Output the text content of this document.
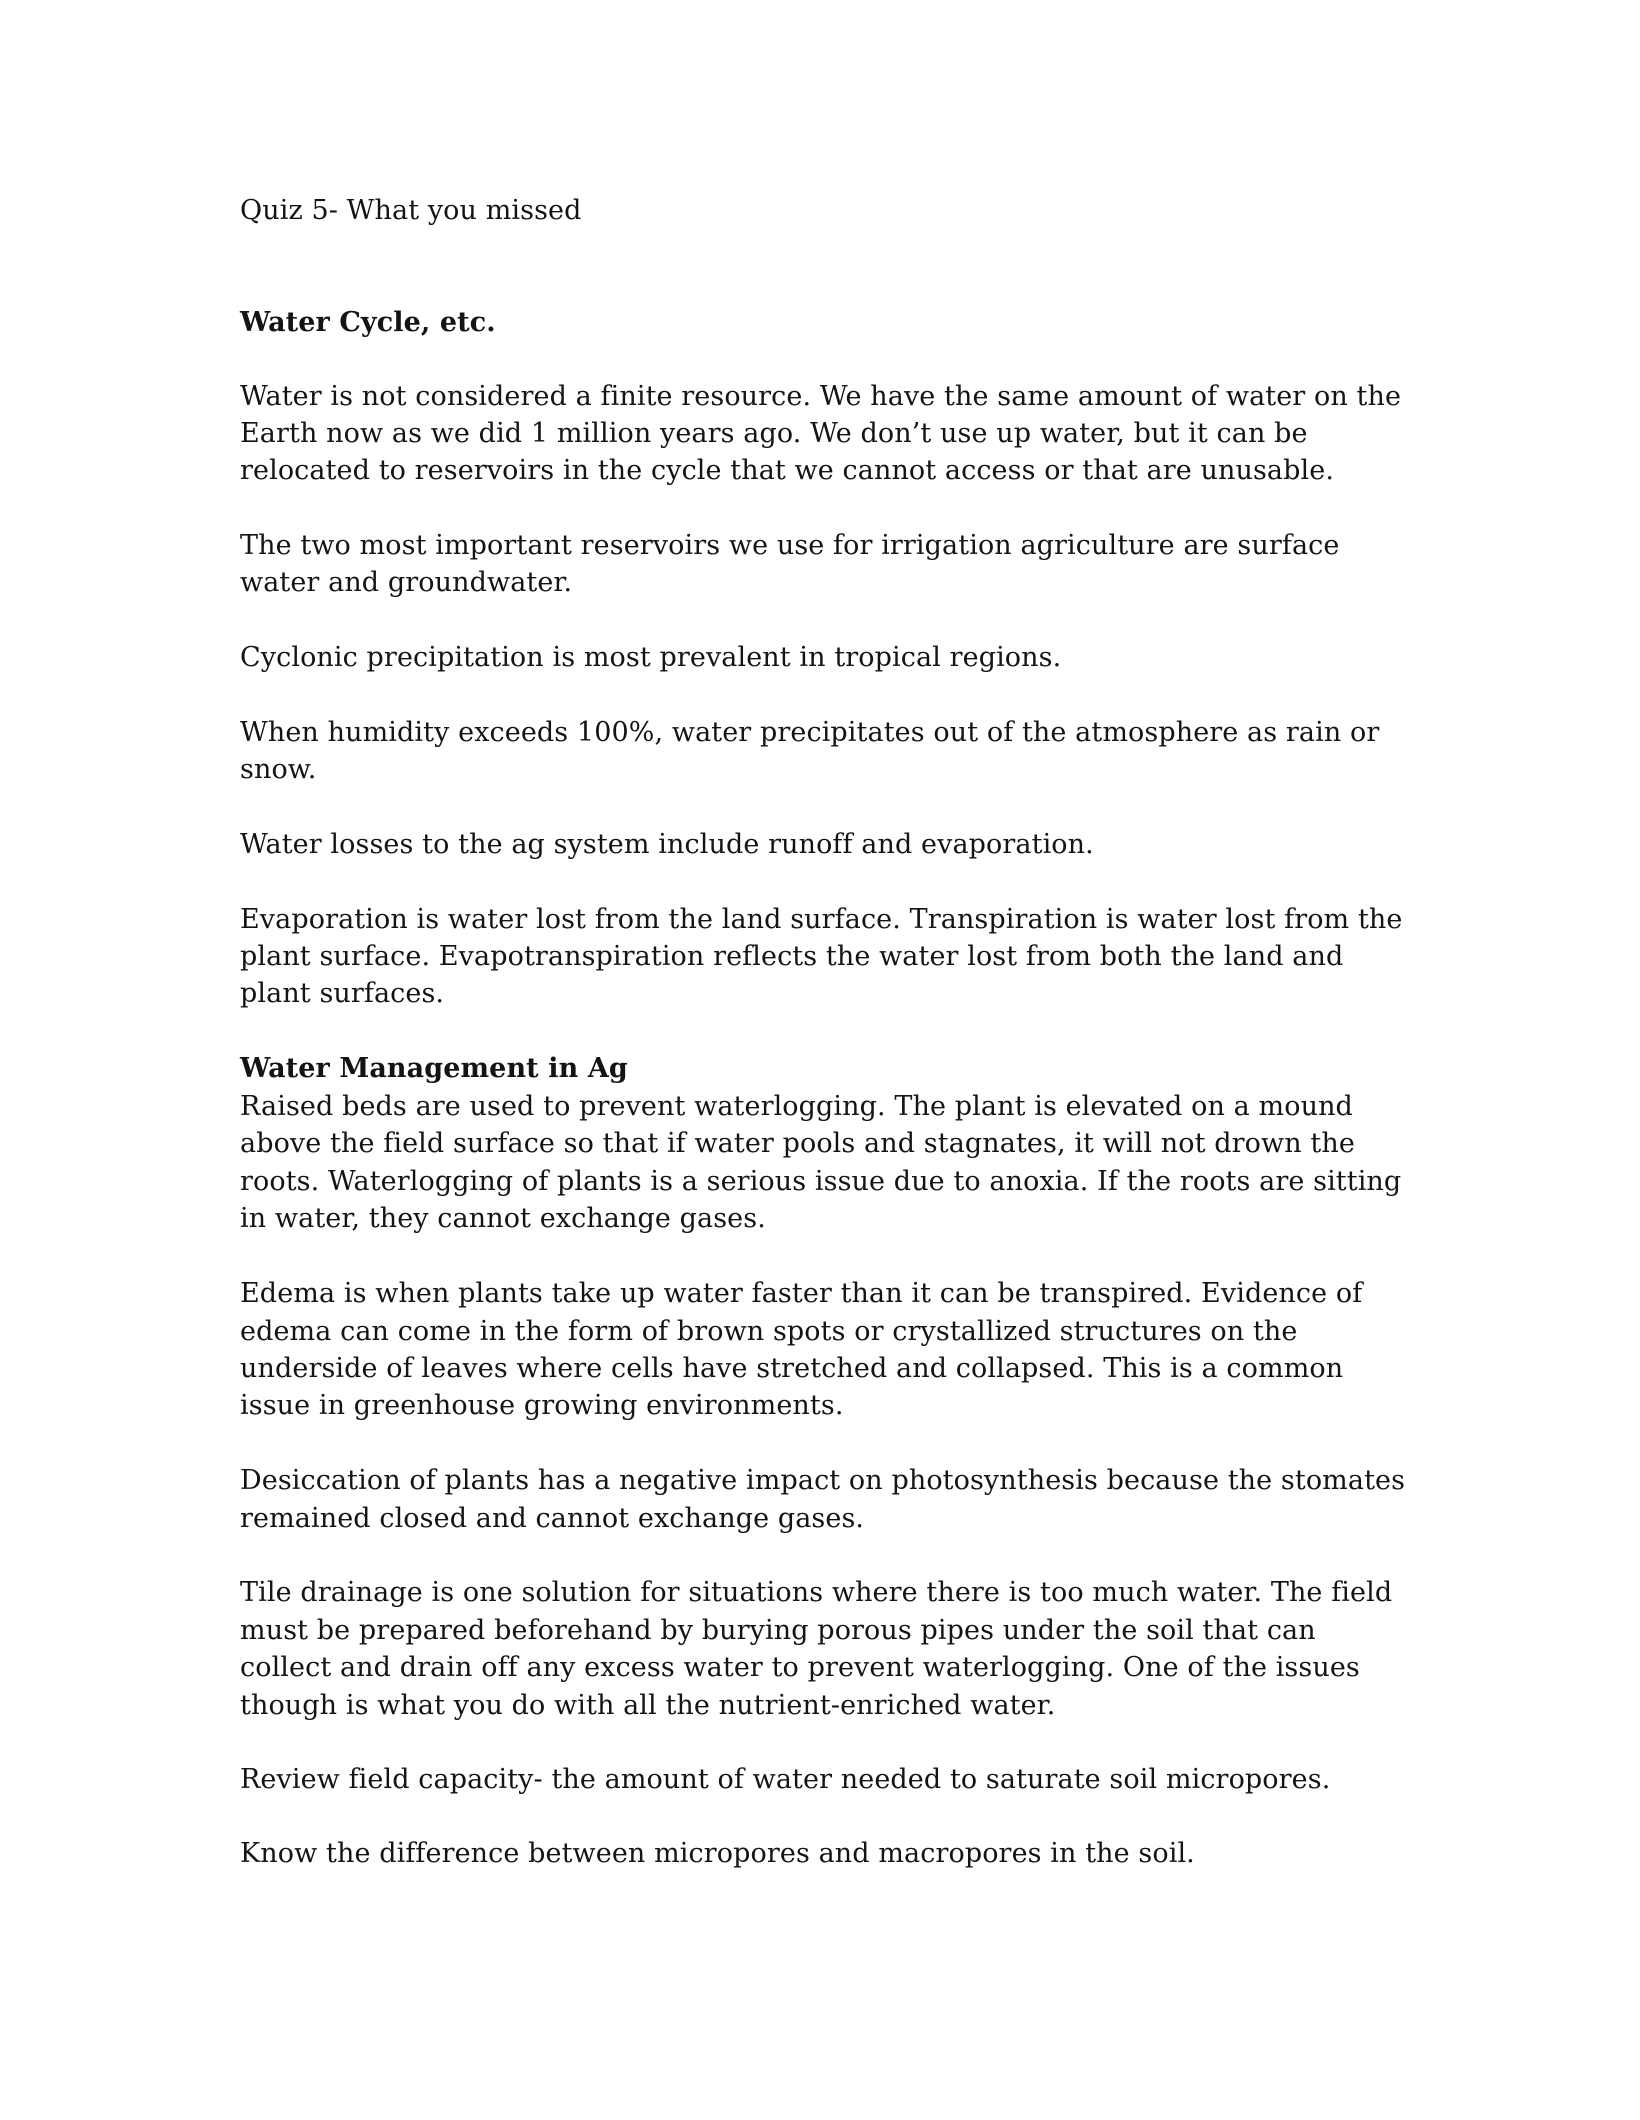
Quiz 5- What you missed
Water Cycle, etc.
Water is not considered a finite resource. We have the same amount of water on the
Earth now as we did 1 million years ago. We don’t use up water, but it can be
relocated to reservoirs in the cycle that we cannot access or that are unusable.
The two most important reservoirs we use for irrigation agriculture are surface
water and groundwater.
Cyclonic precipitation is most prevalent in tropical regions.
When humidity exceeds 100%, water precipitates out of the atmosphere as rain or
snow.
Water losses to the ag system include runoff and evaporation.
Evaporation is water lost from the land surface. Transpiration is water lost from the
plant surface. Evapotranspiration reflects the water lost from both the land and
plant surfaces.
Water Management in Ag
Raised beds are used to prevent waterlogging. The plant is elevated on a mound
above the field surface so that if water pools and stagnates, it will not drown the
roots. Waterlogging of plants is a serious issue due to anoxia. If the roots are sitting
in water, they cannot exchange gases.
Edema is when plants take up water faster than it can be transpired. Evidence of
edema can come in the form of brown spots or crystallized structures on the
underside of leaves where cells have stretched and collapsed. This is a common
issue in greenhouse growing environments.
Desiccation of plants has a negative impact on photosynthesis because the stomates
remained closed and cannot exchange gases.
Tile drainage is one solution for situations where there is too much water. The field
must be prepared beforehand by burying porous pipes under the soil that can
collect and drain off any excess water to prevent waterlogging. One of the issues
though is what you do with all the nutrient-enriched water.
Review field capacity- the amount of water needed to saturate soil micropores.
Know the difference between micropores and macropores in the soil.
